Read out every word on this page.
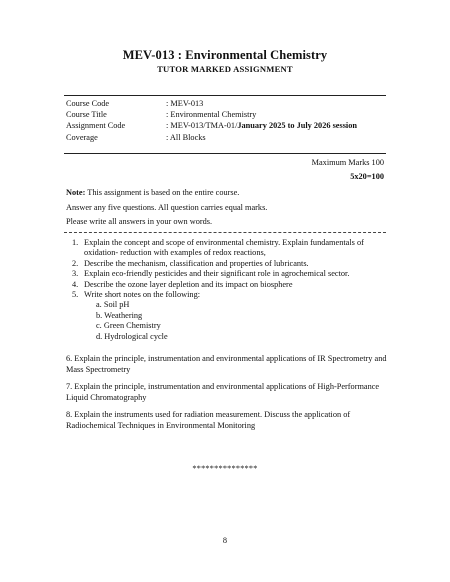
MEV-013 : Environmental Chemistry
TUTOR MARKED ASSIGNMENT
Course Code	: MEV-013
Course Title	: Environmental Chemistry
Assignment Code	: MEV-013/TMA-01/January 2025 to July 2026 session
Coverage	: All Blocks
Maximum Marks 100
5x20=100
Note: This assignment is based on the entire course.
Answer any five questions. All question carries equal marks.
Please write all answers in your own words.
1. Explain the concept and scope of environmental chemistry. Explain fundamentals of oxidation- reduction with examples of redox reactions,
2. Describe the mechanism, classification and properties of lubricants.
3. Explain eco-friendly pesticides and their significant role in agrochemical sector.
4. Describe the ozone layer depletion and its impact on biosphere
5. Write short notes on the following:
a. Soil pH
b. Weathering
c. Green Chemistry
d. Hydrological cycle
6. Explain the principle, instrumentation and environmental applications of IR Spectrometry and Mass Spectrometry
7. Explain the principle, instrumentation and environmental applications of High-Performance Liquid Chromatography
8. Explain the instruments used for radiation measurement. Discuss the application of Radiochemical Techniques in Environmental Monitoring
***************
8
